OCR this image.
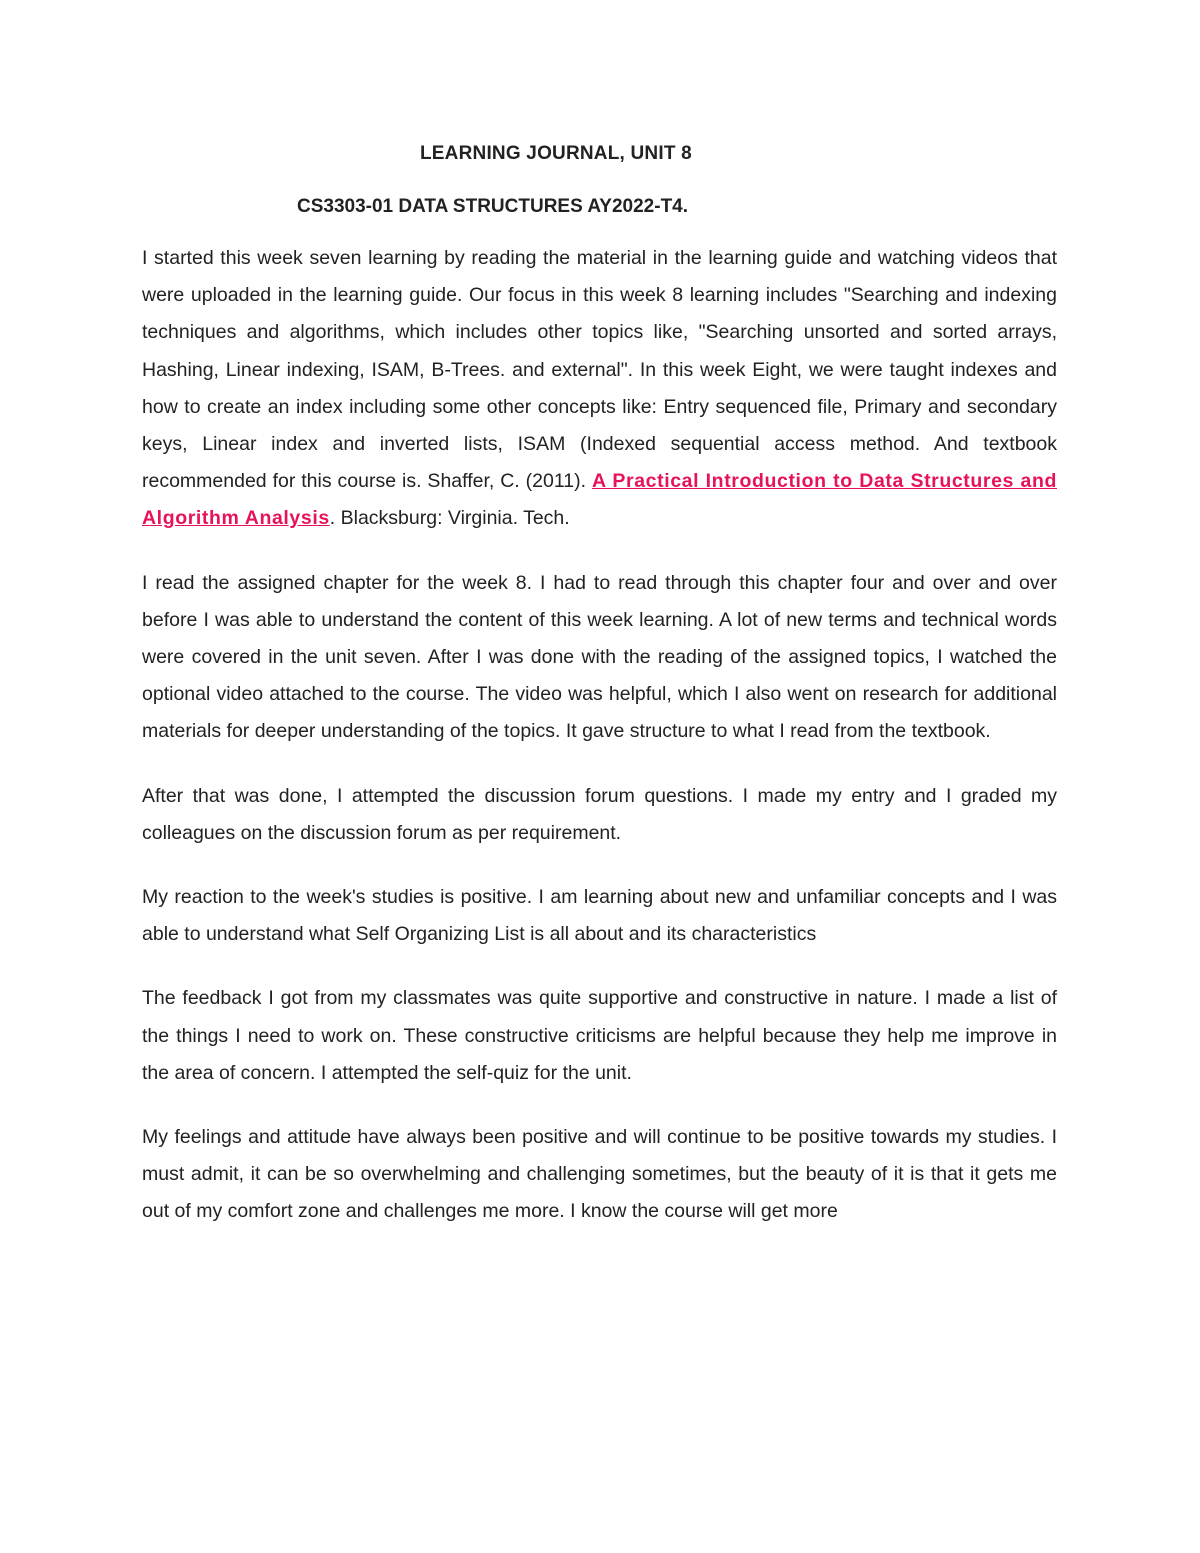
LEARNING JOURNAL, UNIT 8
CS3303-01 DATA STRUCTURES AY2022-T4.

I started this week seven learning by reading the material in the learning guide and watching videos that were uploaded in the learning guide. Our focus in this week 8 learning includes "Searching and indexing techniques and algorithms, which includes other topics like, "Searching unsorted and sorted arrays, Hashing, Linear indexing, ISAM, B-Trees. and external". In this week Eight, we were taught indexes and how to create an index including some other concepts like: Entry sequenced file, Primary and secondary keys, Linear index and inverted lists, ISAM (Indexed sequential access method. And textbook recommended for this course is. Shaffer, C. (2011). A Practical Introduction to Data Structures and Algorithm Analysis. Blacksburg: Virginia. Tech.

I read the assigned chapter for the week 8. I had to read through this chapter four and over and over before I was able to understand the content of this week learning. A lot of new terms and technical words were covered in the unit seven. After I was done with the reading of the assigned topics, I watched the optional video attached to the course. The video was helpful, which I also went on research for additional materials for deeper understanding of the topics. It gave structure to what I read from the textbook.

After that was done, I attempted the discussion forum questions. I made my entry and I graded my colleagues on the discussion forum as per requirement.

My reaction to the week's studies is positive. I am learning about new and unfamiliar concepts and I was able to understand what Self Organizing List is all about and its characteristics

The feedback I got from my classmates was quite supportive and constructive in nature. I made a list of the things I need to work on. These constructive criticisms are helpful because they help me improve in the area of concern. I attempted the self-quiz for the unit.

My feelings and attitude have always been positive and will continue to be positive towards my studies. I must admit, it can be so overwhelming and challenging sometimes, but the beauty of it is that it gets me out of my comfort zone and challenges me more. I know the course will get more
